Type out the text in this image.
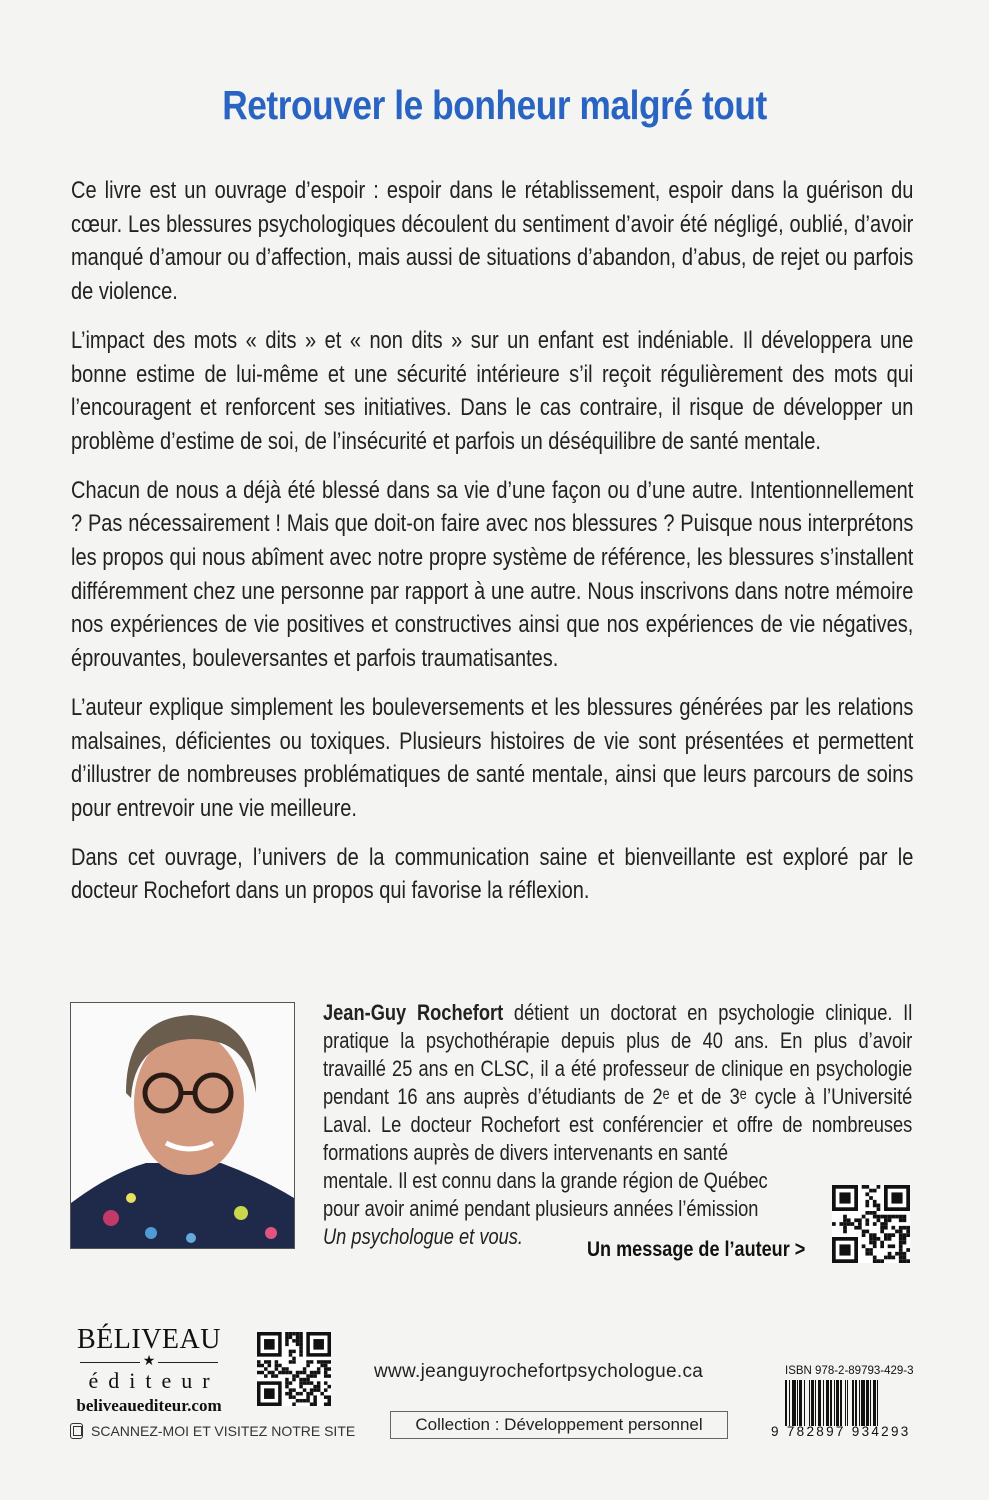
Retrouver le bonheur malgré tout

Ce livre est un ouvrage d’espoir : espoir dans le rétablissement, espoir dans la guérison du cœur. Les blessures psychologiques découlent du sentiment d’avoir été négligé, oublié, d’avoir manqué d’amour ou d’affection, mais aussi de situations d’abandon, d’abus, de rejet ou parfois de violence.

L’impact des mots « dits » et « non dits » sur un enfant est indéniable. Il développera une bonne estime de lui-même et une sécurité intérieure s’il reçoit régulièrement des mots qui l’encouragent et renforcent ses initiatives. Dans le cas contraire, il risque de développer un problème d’estime de soi, de l’insécurité et parfois un déséquilibre de santé mentale.

Chacun de nous a déjà été blessé dans sa vie d’une façon ou d’une autre. Intentionnellement ? Pas nécessairement ! Mais que doit-on faire avec nos blessures ? Puisque nous interprétons les propos qui nous abîment avec notre propre système de référence, les blessures s’installent différemment chez une personne par rapport à une autre. Nous inscrivons dans notre mémoire nos expériences de vie positives et constructives ainsi que nos expériences de vie négatives, éprouvantes, bouleversantes et parfois traumatisantes.

L’auteur explique simplement les bouleversements et les blessures générées par les relations malsaines, déficientes ou toxiques. Plusieurs histoires de vie sont présentées et permettent d’illustrer de nombreuses problématiques de santé mentale, ainsi que leurs parcours de soins pour entrevoir une vie meilleure.

Dans cet ouvrage, l’univers de la communication saine et bienveillante est exploré par le docteur Rochefort dans un propos qui favorise la réflexion.

Jean-Guy Rochefort détient un doctorat en psychologie clinique. Il pratique la psychothérapie depuis plus de 40 ans. En plus d’avoir travaillé 25 ans en CLSC, il a été professeur de clinique en psychologie pendant 16 ans auprès d’étudiants de 2ᵉ et de 3ᵉ cycle à l’Université Laval. Le docteur Rochefort est conférencier et offre de nombreuses formations auprès de divers intervenants en santé

mentale. Il est connu dans la grande région de Québec
pour avoir animé pendant plusieurs années l’émission
Un psychologue et vous.

Un message de l’auteur >
BÉLIVEAU
★
éditeur
beliveauediteur.com
SCANNEZ-MOI ET VISITEZ NOTRE SITE
www.jeanguyrochefortpsychologue.ca
Collection : Développement personnel
ISBN 978-2-89793-429-3
9 782897 934293
